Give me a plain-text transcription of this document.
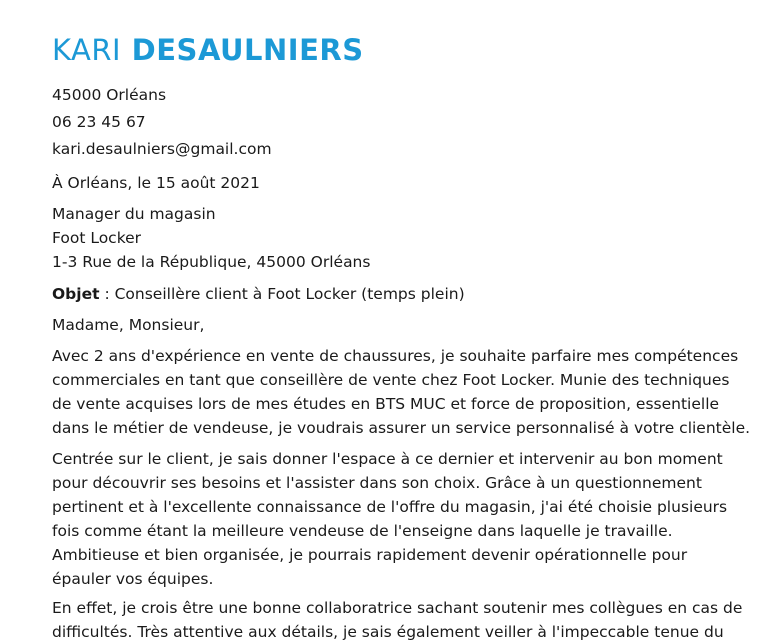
KARI DESAULNIERS
45000 Orléans
06 23 45 67
kari.desaulniers@gmail.com
À Orléans, le 15 août 2021
Manager du magasin
Foot Locker
1-3 Rue de la République, 45000 Orléans
Objet : Conseillère client à Foot Locker (temps plein)
Madame, Monsieur,
Avec 2 ans d'expérience en vente de chaussures, je souhaite parfaire mes compétences
commerciales en tant que conseillère de vente chez Foot Locker. Munie des techniques
de vente acquises lors de mes études en BTS MUC et force de proposition, essentielle
dans le métier de vendeuse, je voudrais assurer un service personnalisé à votre clientèle.
Centrée sur le client, je sais donner l'espace à ce dernier et intervenir au bon moment
pour découvrir ses besoins et l'assister dans son choix. Grâce à un questionnement
pertinent et à l'excellente connaissance de l'offre du magasin, j'ai été choisie plusieurs
fois comme étant la meilleure vendeuse de l'enseigne dans laquelle je travaille.
Ambitieuse et bien organisée, je pourrais rapidement devenir opérationnelle pour
épauler vos équipes.
En effet, je crois être une bonne collaboratrice sachant soutenir mes collègues en cas de
difficultés. Très attentive aux détails, je sais également veiller à l'impeccable tenue du
